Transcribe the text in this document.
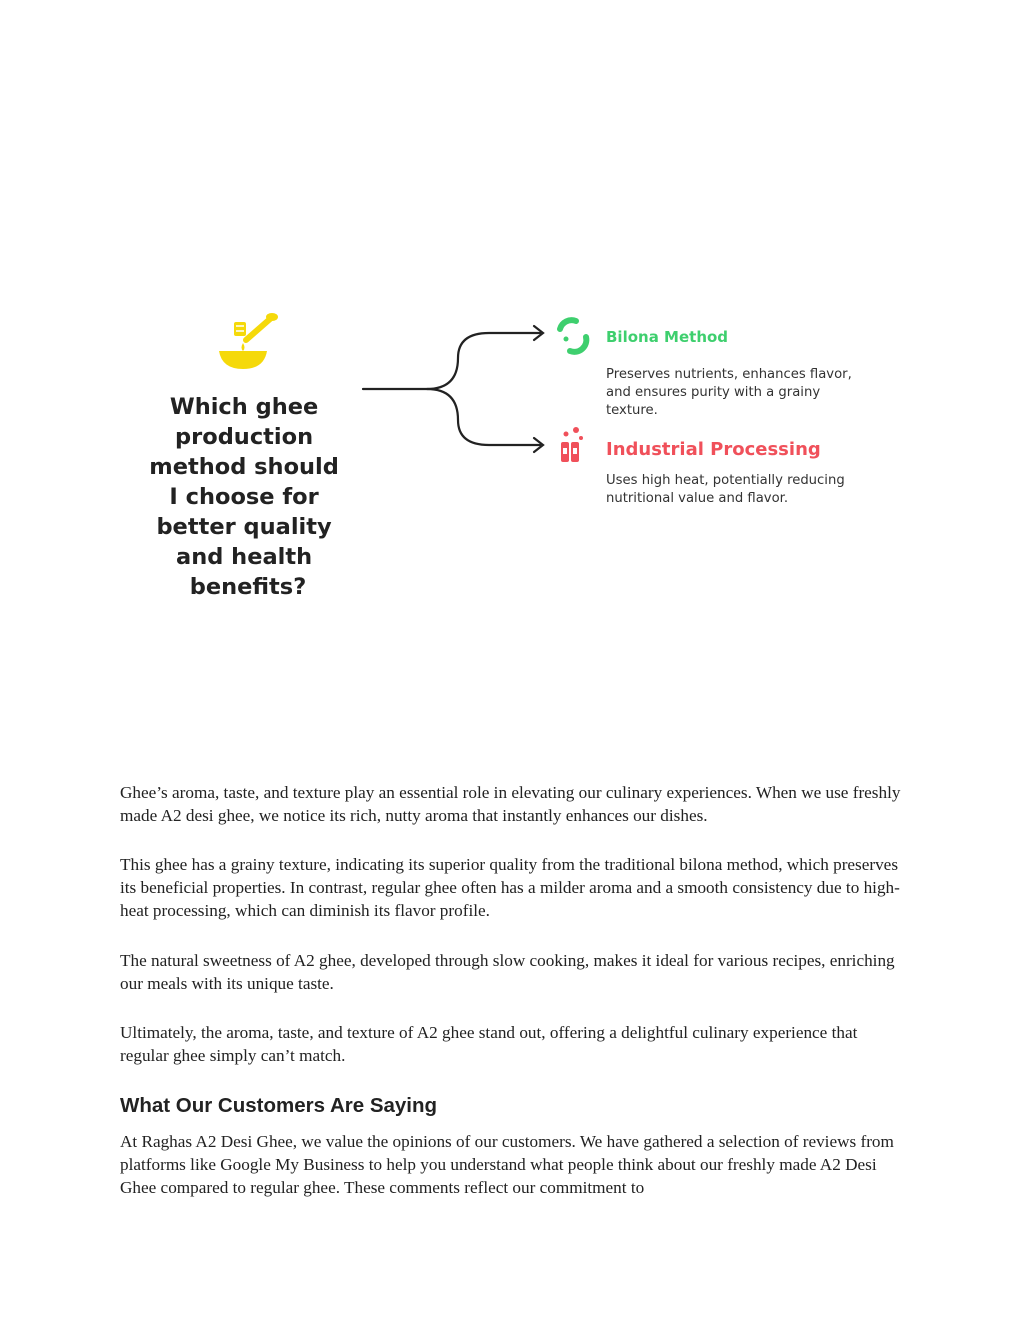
Which ghee production method should I choose for better quality and health benefits?
Bilona Method
Preserves nutrients, enhances flavor, and ensures purity with a grainy texture.
Industrial Processing
Uses high heat, potentially reducing nutritional value and flavor.

Ghee’s aroma, taste, and texture play an essential role in elevating our culinary experiences. When we use freshly made A2 desi ghee, we notice its rich, nutty aroma that instantly enhances our dishes.

This ghee has a grainy texture, indicating its superior quality from the traditional bilona method, which preserves its beneficial properties. In contrast, regular ghee often has a milder aroma and a smooth consistency due to high-heat processing, which can diminish its flavor profile.

The natural sweetness of A2 ghee, developed through slow cooking, makes it ideal for various recipes, enriching our meals with its unique taste.

Ultimately, the aroma, taste, and texture of A2 ghee stand out, offering a delightful culinary experience that regular ghee simply can’t match.

What Our Customers Are Saying

At Raghas A2 Desi Ghee, we value the opinions of our customers. We have gathered a selection of reviews from platforms like Google My Business to help you understand what people think about our freshly made A2 Desi Ghee compared to regular ghee. These comments reflect our commitment to
